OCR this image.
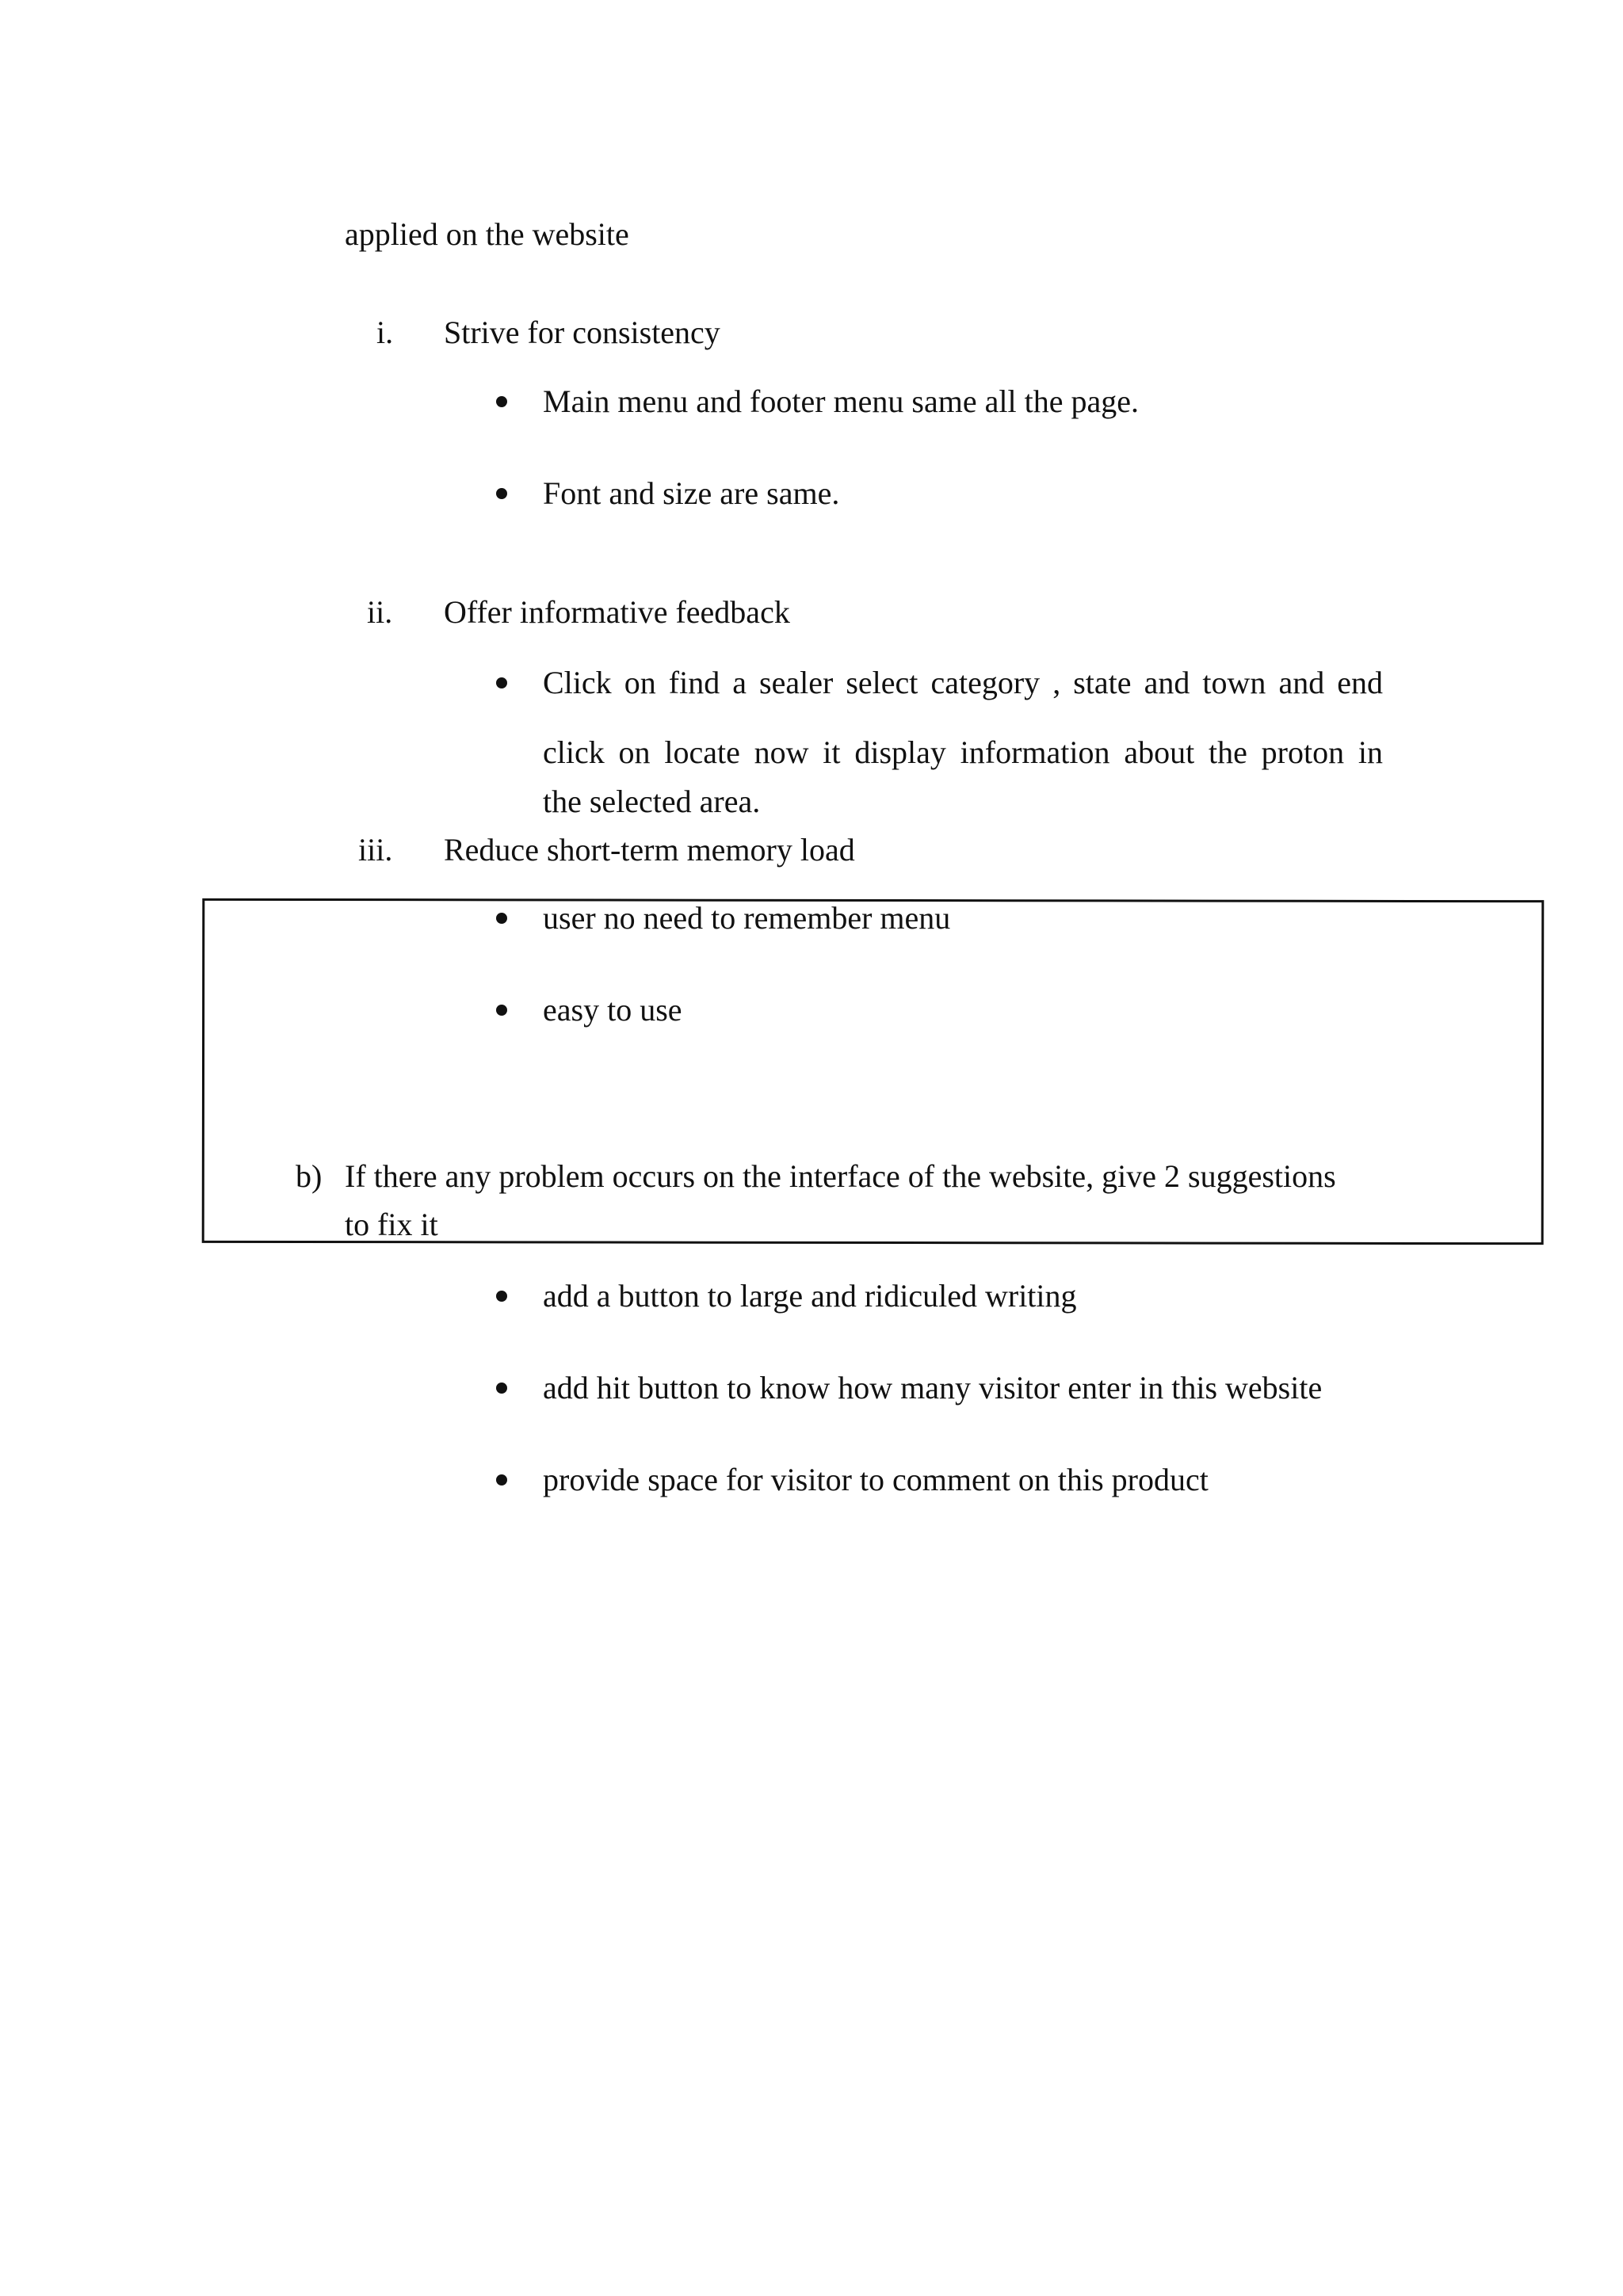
applied on the website
i. Strive for consistency
Main menu and footer menu same all the page.
Font and size are same.
ii. Offer informative feedback
Click on find a sealer select category , state and town and end
click on locate now it display information about the proton in
the selected area.
iii. Reduce short-term memory load
user no need to remember menu
easy to use
b) If there any problem occurs on the interface of the website, give 2 suggestions
to fix it
add a button to large and ridiculed writing
add hit button to know how many visitor enter in this website
provide space for visitor to comment on this product
